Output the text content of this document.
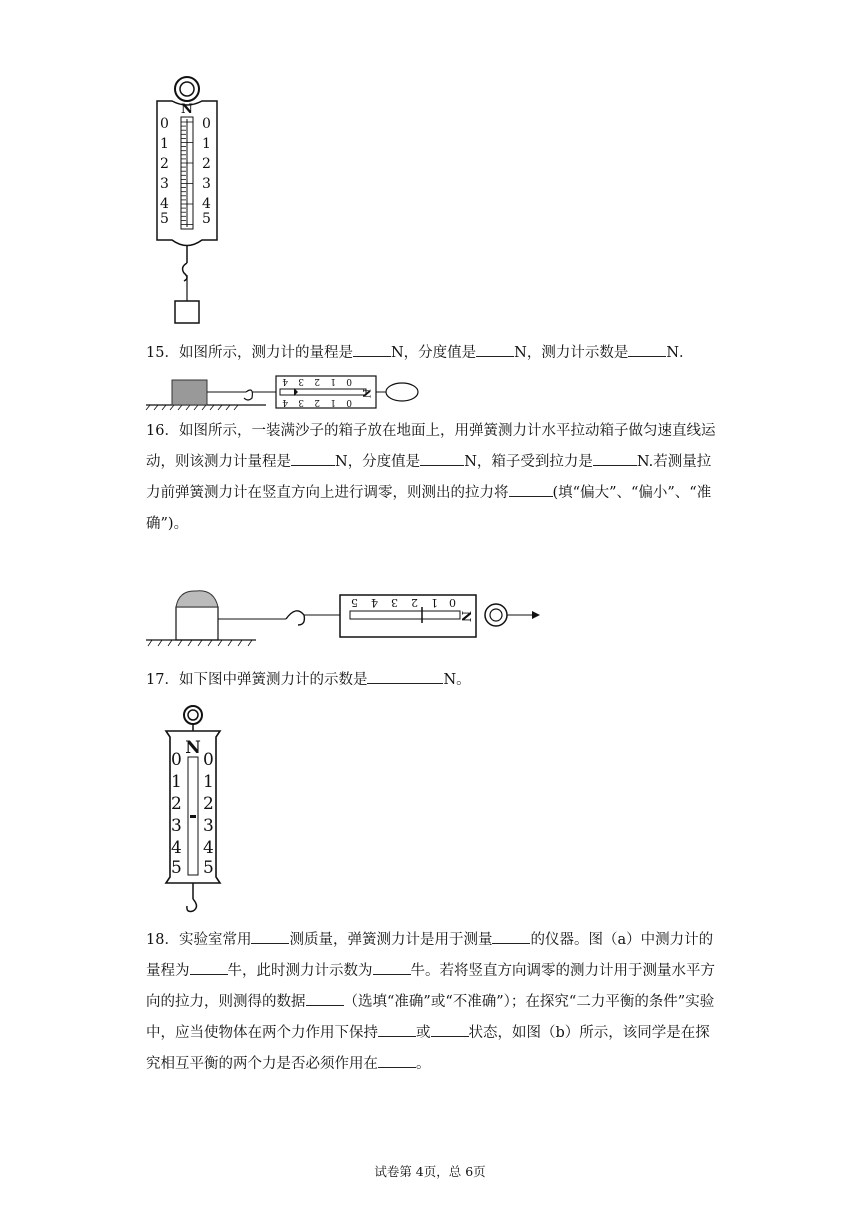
N
0
1
2
3
4
5
0
1
2
3
4
5
15．如图所示，测力计的量程是	N，分度值是	N，测力计示数是	N．
4 3 2 1 0
4 3 2 1 0
N
16．如图所示，一装满沙子的箱子放在地面上，用弹簧测力计水平拉动箱子做匀速直线运动，则该测力计量程是	N，分度值是	N，箱子受到拉力是	N.若测量拉力前弹簧测力计在竖直方向上进行调零，则测出的拉力将	(填“偏大”、“偏小”、“准确”)。
5 4 3 2 1 0
N
17．如下图中弹簧测力计的示数是	N。
N
0
1
2
3
4
5
0
1
2
3
4
5
18．实验室常用	测质量，弹簧测力计是用于测量	的仪器。图（a）中测力计的量程为	牛，此时测力计示数为	牛。若将竖直方向调零的测力计用于测量水平方向的拉力，则测得的数据	（选填“准确”或“不准确”）；在探究“二力平衡的条件”实验中，应当使物体在两个力作用下保持	或	状态，如图（b）所示，该同学是在探究相互平衡的两个力是否必须作用在	。
试卷第 4页，总 6页
